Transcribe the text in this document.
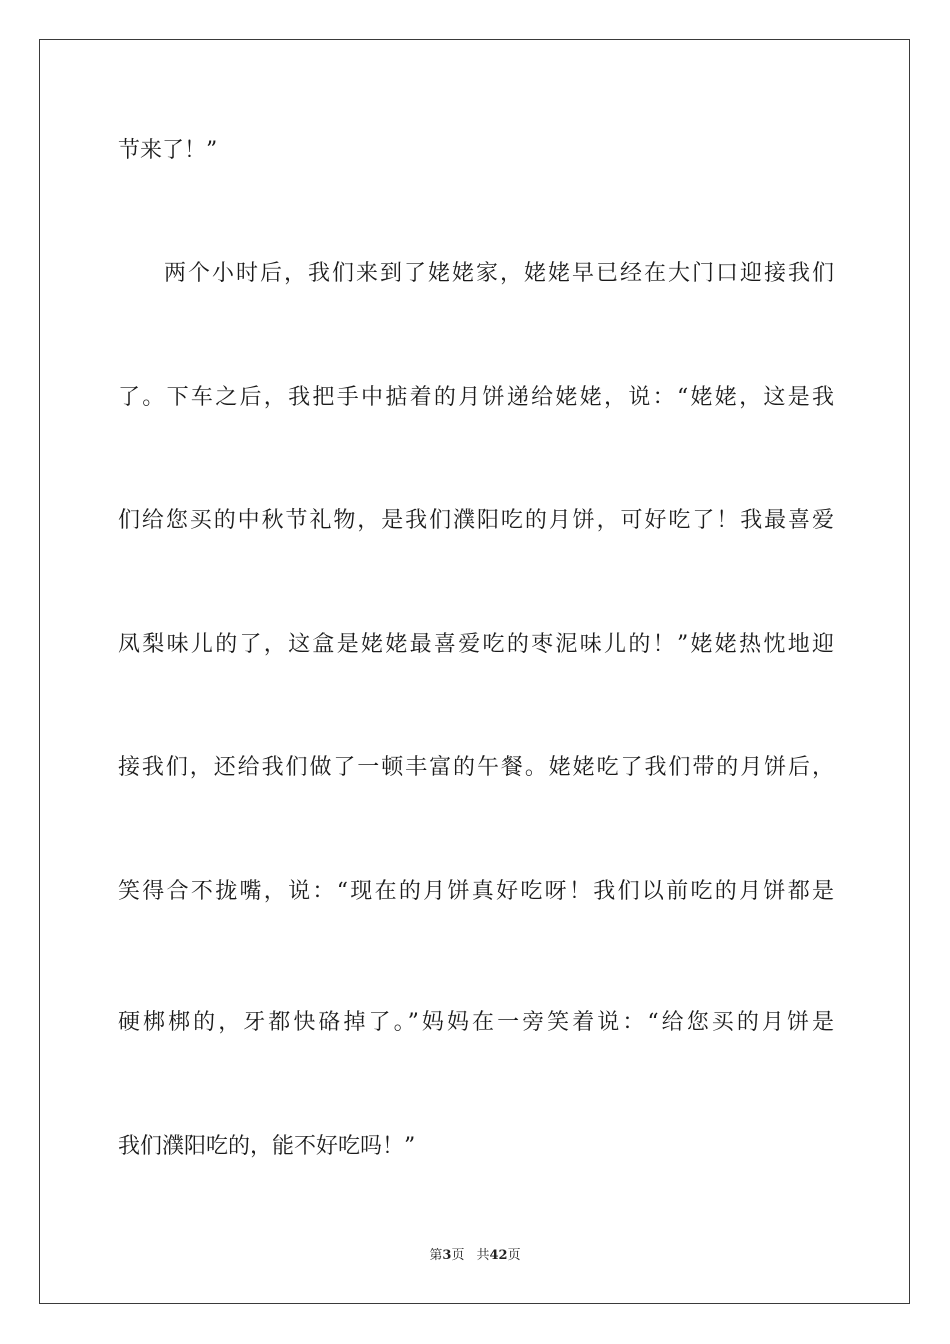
节来了！”
两个小时后，我们来到了姥姥家，姥姥早已经在大门口迎接我们
了。下车之后，我把手中掂着的月饼递给姥姥，说：“姥姥，这是我
们给您买的中秋节礼物，是我们濮阳吃的月饼，可好吃了！我最喜爱
凤梨味儿的了，这盒是姥姥最喜爱吃的枣泥味儿的！”姥姥热忱地迎
接我们，还给我们做了一顿丰富的午餐。姥姥吃了我们带的月饼后，
笑得合不拢嘴，说：“现在的月饼真好吃呀！我们以前吃的月饼都是
硬梆梆的，牙都快硌掉了。”妈妈在一旁笑着说：“给您买的月饼是
我们濮阳吃的，能不好吃吗！”
第3页 共42页
